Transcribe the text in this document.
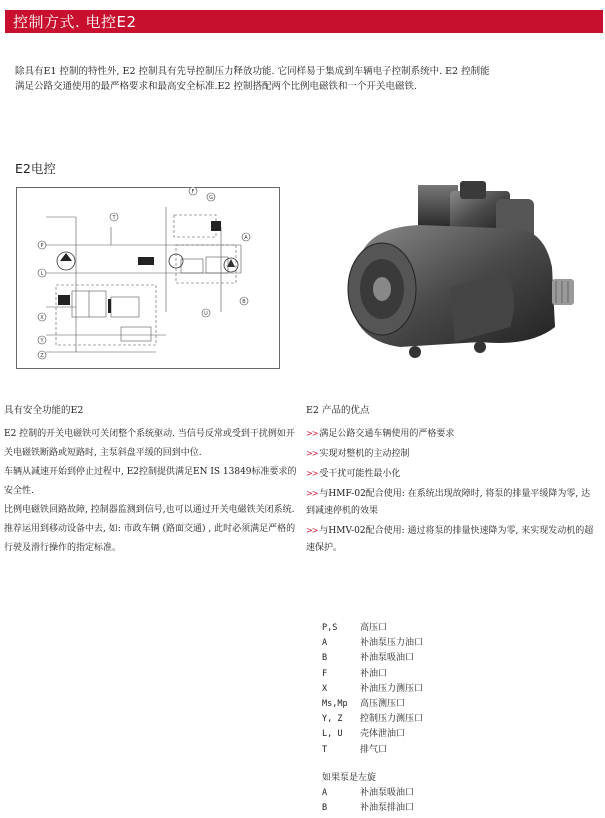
控制方式. 电控E2
除具有E1 控制的特性外, E2 控制具有先导控制压力释放功能. 它同样易于集成到车辆电子控制系统中. E2 控制能
满足公路交通使用的最严格要求和最高安全标准.E2 控制搭配两个比例电磁铁和一个开关电磁铁.
E2电控
F
G
P
A
B
T
U
X
Y
Z
L
具有安全功能的E2

E2 控制的开关电磁铁可关闭整个系统驱动. 当信号反常或受到干扰例如开关电磁铁断路或短路时, 主泵斜盘平缓的回到中位.

车辆从减速开始到停止过程中, E2控制提供满足EN IS 13849标准要求的安全性.

比例电磁铁回路故障, 控制器监测到信号,也可以通过开关电磁铁关闭系统.

推荐运用到移动设备中去, 如: 市政车辆 (路面交通) , 此时必须满足严格的行驶及滑行操作的指定标准。

E2 产品的优点
>> 满足公路交通车辆使用的严格要求
>> 实现对整机的主动控制
>> 受干扰可能性最小化
>> 与HMF-02配合使用: 在系统出现故障时, 将泵的排量平缓降为零, 达到减速停机的效果
>> 与HMV-02配合使用: 通过将泵的排量快速降为零, 来实现发动机的超速保护。
P,S	高压口
A	补油泵压力油口
B	补油泵吸油口
F	补油口
X	补油压力测压口
Ms,Mp	高压测压口
Y, Z	控制压力测压口
L, U	壳体泄油口
T	排气口
如果泵是左旋
A	补油泵吸油口
B	补油泵排油口
